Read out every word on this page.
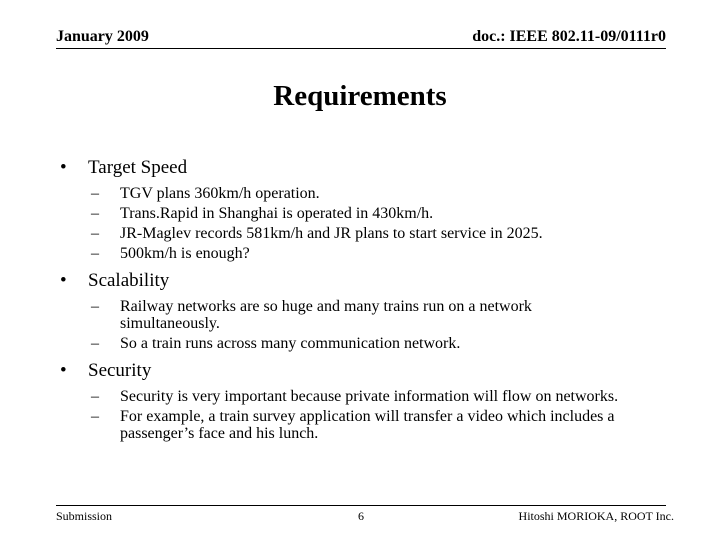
January 2009	doc.: IEEE 802.11-09/0111r0
Requirements
•	Target Speed
–	TGV plans 360km/h operation.
–	Trans.Rapid in Shanghai is operated in 430km/h.
–	JR-Maglev records 581km/h and JR plans to start service in 2025.
–	500km/h is enough?
•	Scalability
–	Railway networks are so huge and many trains run on a network simultaneously.
–	So a train runs across many communication network.
•	Security
–	Security is very important because private information will flow on networks.
–	For example, a train survey application will transfer a video which includes a passenger’s face and his lunch.
Submission	6	Hitoshi MORIOKA, ROOT Inc.
